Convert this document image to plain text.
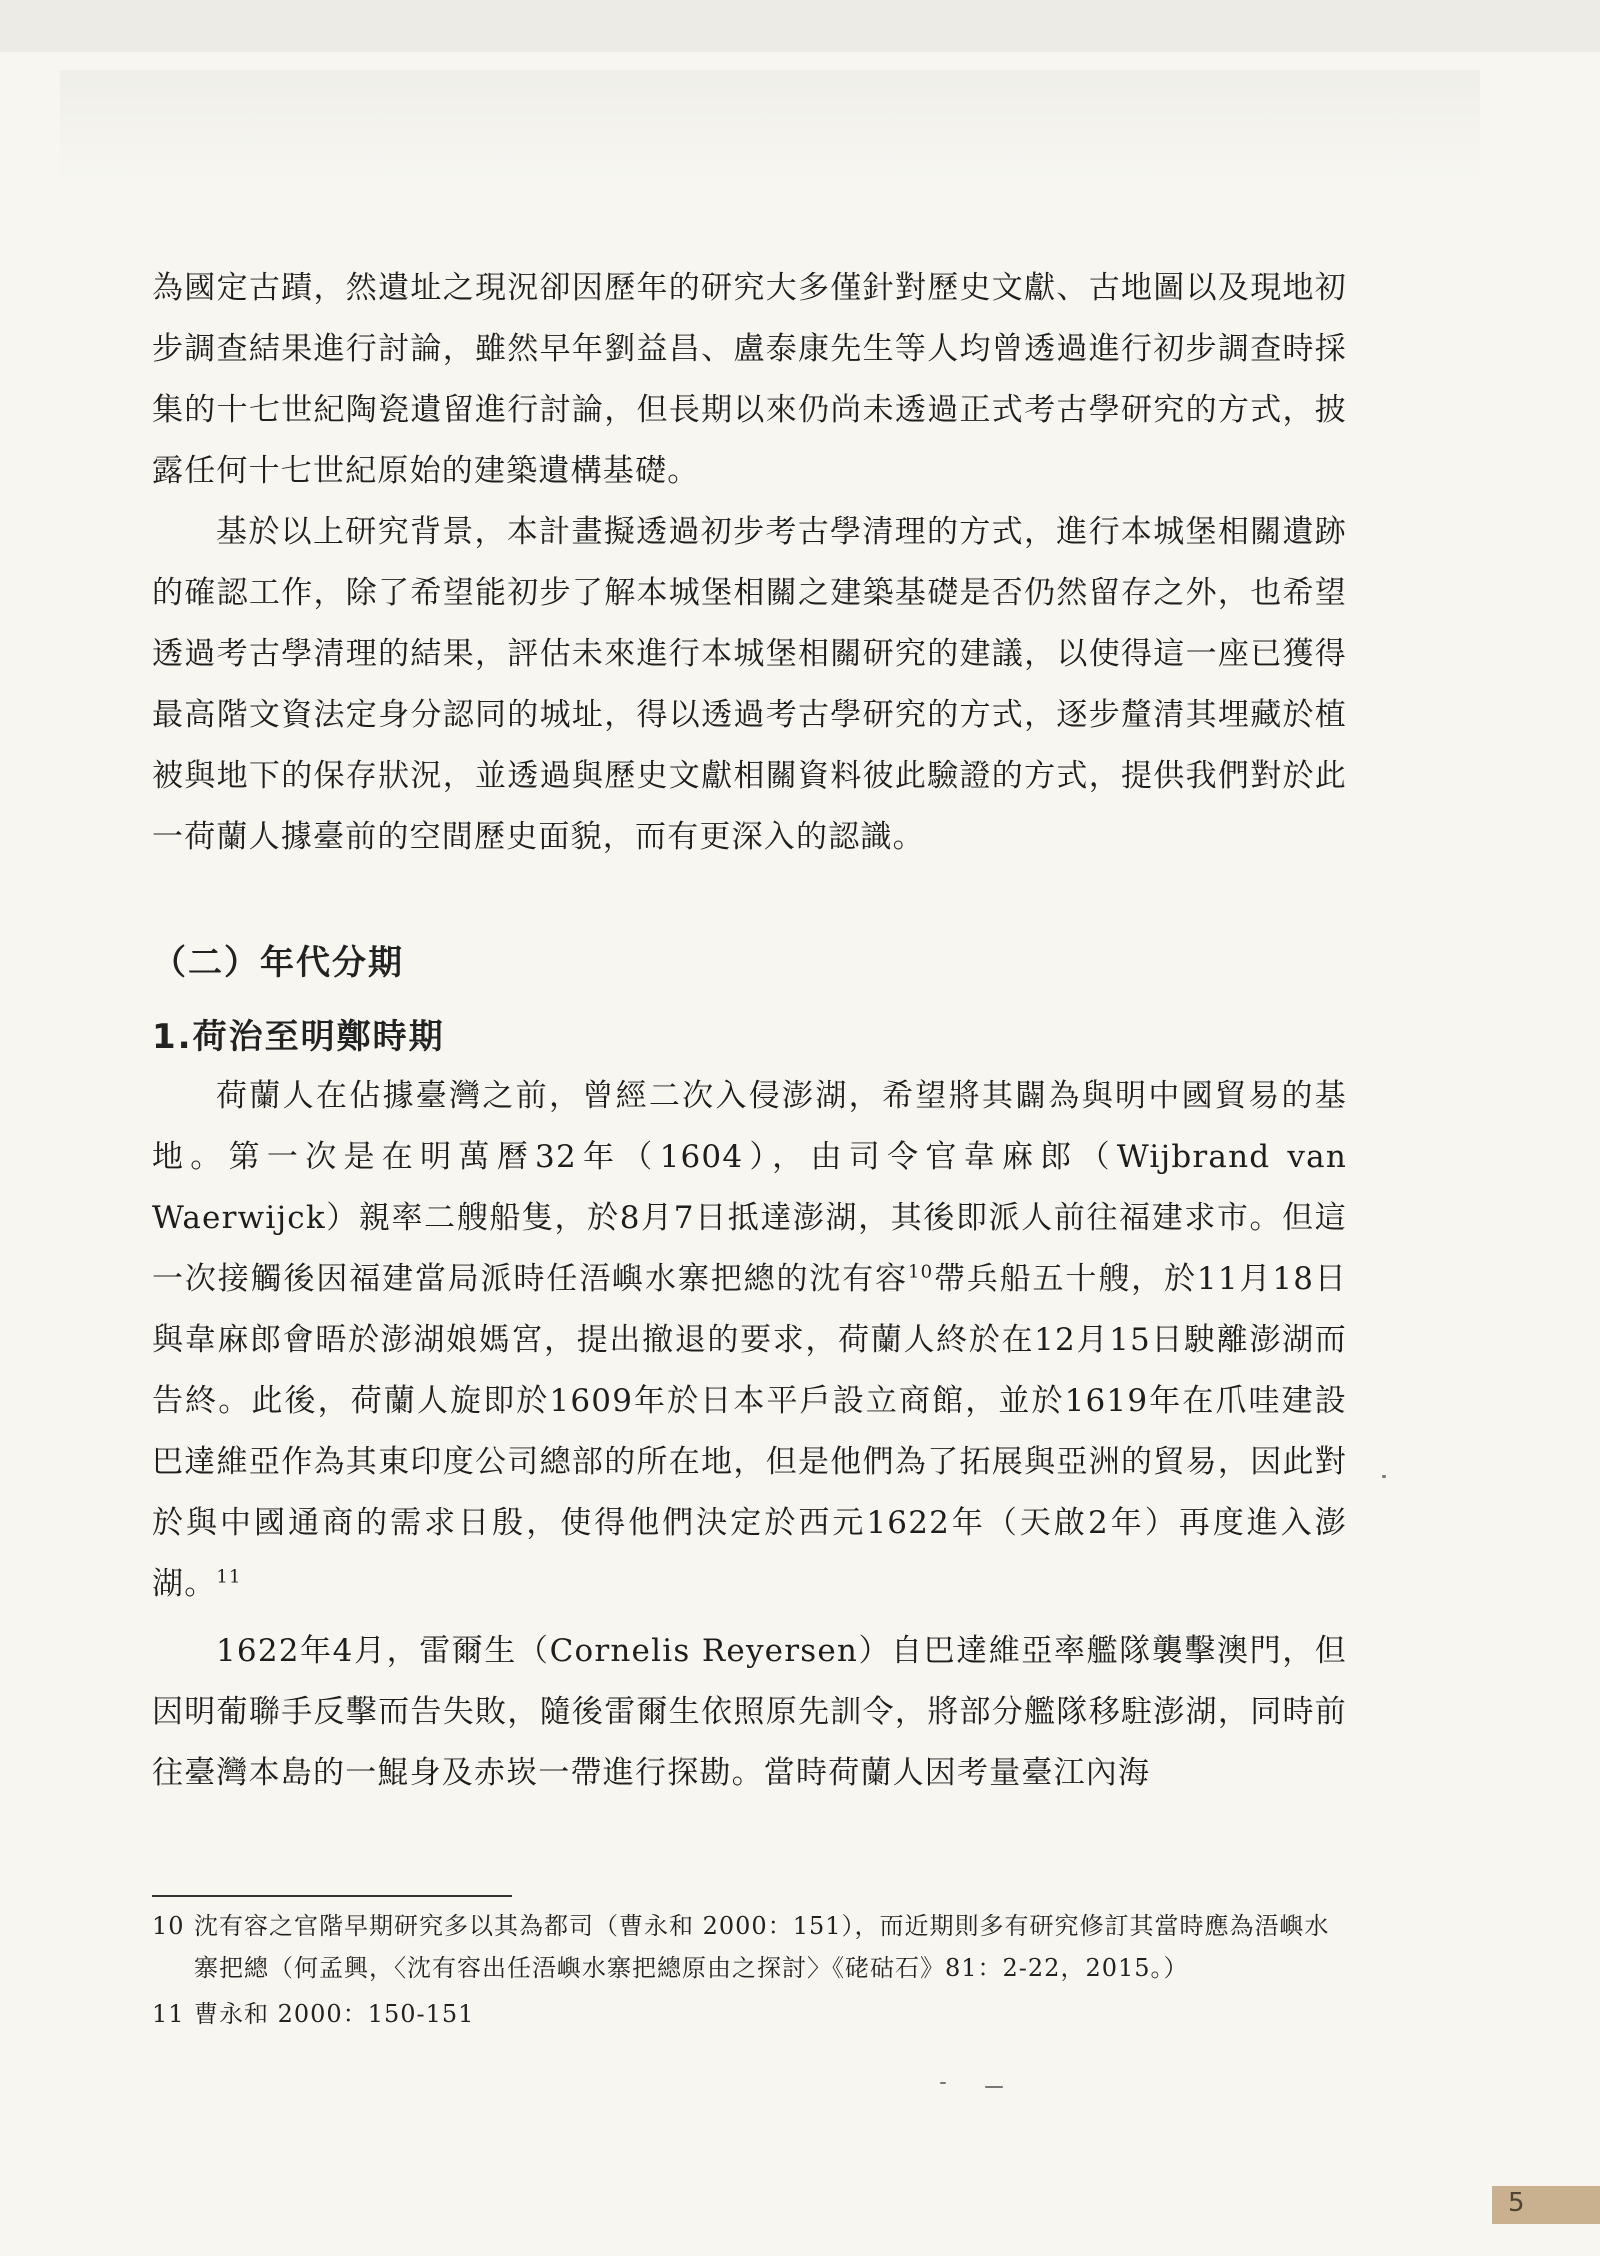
為國定古蹟，然遺址之現況卻因歷年的研究大多僅針對歷史文獻、古地圖以及現地初步調查結果進行討論，雖然早年劉益昌、盧泰康先生等人均曾透過進行初步調查時採集的十七世紀陶瓷遺留進行討論，但長期以來仍尚未透過正式考古學研究的方式，披露任何十七世紀原始的建築遺構基礎。

基於以上研究背景，本計畫擬透過初步考古學清理的方式，進行本城堡相關遺跡的確認工作，除了希望能初步了解本城堡相關之建築基礎是否仍然留存之外，也希望透過考古學清理的結果，評估未來進行本城堡相關研究的建議，以使得這一座已獲得最高階文資法定身分認同的城址，得以透過考古學研究的方式，逐步釐清其埋藏於植被與地下的保存狀況，並透過與歷史文獻相關資料彼此驗證的方式，提供我們對於此一荷蘭人據臺前的空間歷史面貌，而有更深入的認識。

（二）年代分期

1.荷治至明鄭時期

荷蘭人在佔據臺灣之前，曾經二次入侵澎湖，希望將其闢為與明中國貿易的基地。第一次是在明萬曆32年（1604），由司令官韋麻郎（Wijbrand van Waerwijck）親率二艘船隻，於8月7日抵達澎湖，其後即派人前往福建求市。但這一次接觸後因福建當局派時任浯嶼水寨把總的沈有容$^{10}$帶兵船五十艘，於11月18日與韋麻郎會晤於澎湖娘媽宮，提出撤退的要求，荷蘭人終於在12月15日駛離澎湖而告終。此後，荷蘭人旋即於1609年於日本平戶設立商館，並於1619年在爪哇建設巴達維亞作為其東印度公司總部的所在地，但是他們為了拓展與亞洲的貿易，因此對於與中國通商的需求日殷，使得他們決定於西元1622年（天啟2年）再度進入澎湖。$^{11}$

1622年4月，雷爾生（Cornelis Reyersen）自巴達維亞率艦隊襲擊澳門，但因明葡聯手反擊而告失敗，隨後雷爾生依照原先訓令，將部分艦隊移駐澎湖，同時前往臺灣本島的一鯤身及赤崁一帶進行探勘。當時荷蘭人因考量臺江內海

10 沈有容之官階早期研究多以其為都司（曹永和 2000：151），而近期則多有研究修訂其當時應為浯嶼水寨把總（何孟興，〈沈有容出任浯嶼水寨把總原由之探討〉《硓𥑮石》81：2-22，2015。）

11 曹永和 2000：150-151

5
